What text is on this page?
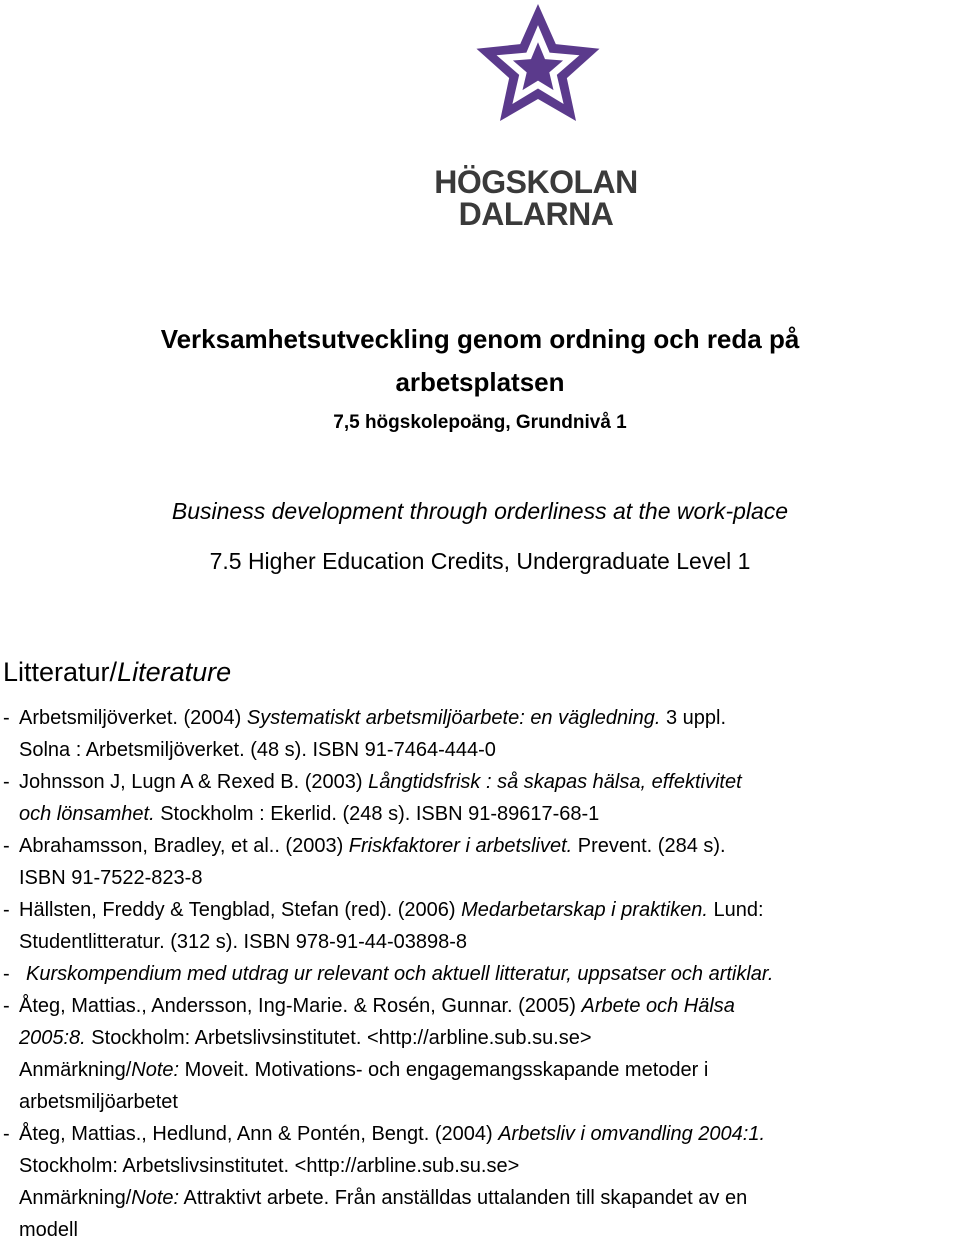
HÖGSKOLAN
DALARNA
Verksamhetsutveckling genom ordning och reda på
arbetsplatsen
7,5 högskolepoäng, Grundnivå 1
Business development through orderliness at the work-place
7.5 Higher Education Credits, Undergraduate Level 1
Litteratur/Literature
- Arbetsmiljöverket. (2004) Systematiskt arbetsmiljöarbete: en vägledning. 3 uppl.
Solna : Arbetsmiljöverket. (48 s). ISBN 91-7464-444-0
- Johnsson J, Lugn A & Rexed B. (2003) Långtidsfrisk : så skapas hälsa, effektivitet
och lönsamhet. Stockholm : Ekerlid. (248 s). ISBN 91-89617-68-1
- Abrahamsson, Bradley, et al.. (2003) Friskfaktorer i arbetslivet. Prevent. (284 s).
ISBN 91-7522-823-8
- Hällsten, Freddy & Tengblad, Stefan (red). (2006) Medarbetarskap i praktiken. Lund:
Studentlitteratur. (312 s). ISBN 978-91-44-03898-8
- Kurskompendium med utdrag ur relevant och aktuell litteratur, uppsatser och artiklar.
- Åteg, Mattias., Andersson, Ing-Marie. & Rosén, Gunnar. (2005) Arbete och Hälsa
2005:8. Stockholm: Arbetslivsinstitutet. <http://arbline.sub.su.se>
Anmärkning/Note: Moveit. Motivations- och engagemangsskapande metoder i
arbetsmiljöarbetet
- Åteg, Mattias., Hedlund, Ann & Pontén, Bengt. (2004) Arbetsliv i omvandling 2004:1.
Stockholm: Arbetslivsinstitutet. <http://arbline.sub.su.se>
Anmärkning/Note: Attraktivt arbete. Från anställdas uttalanden till skapandet av en
modell
